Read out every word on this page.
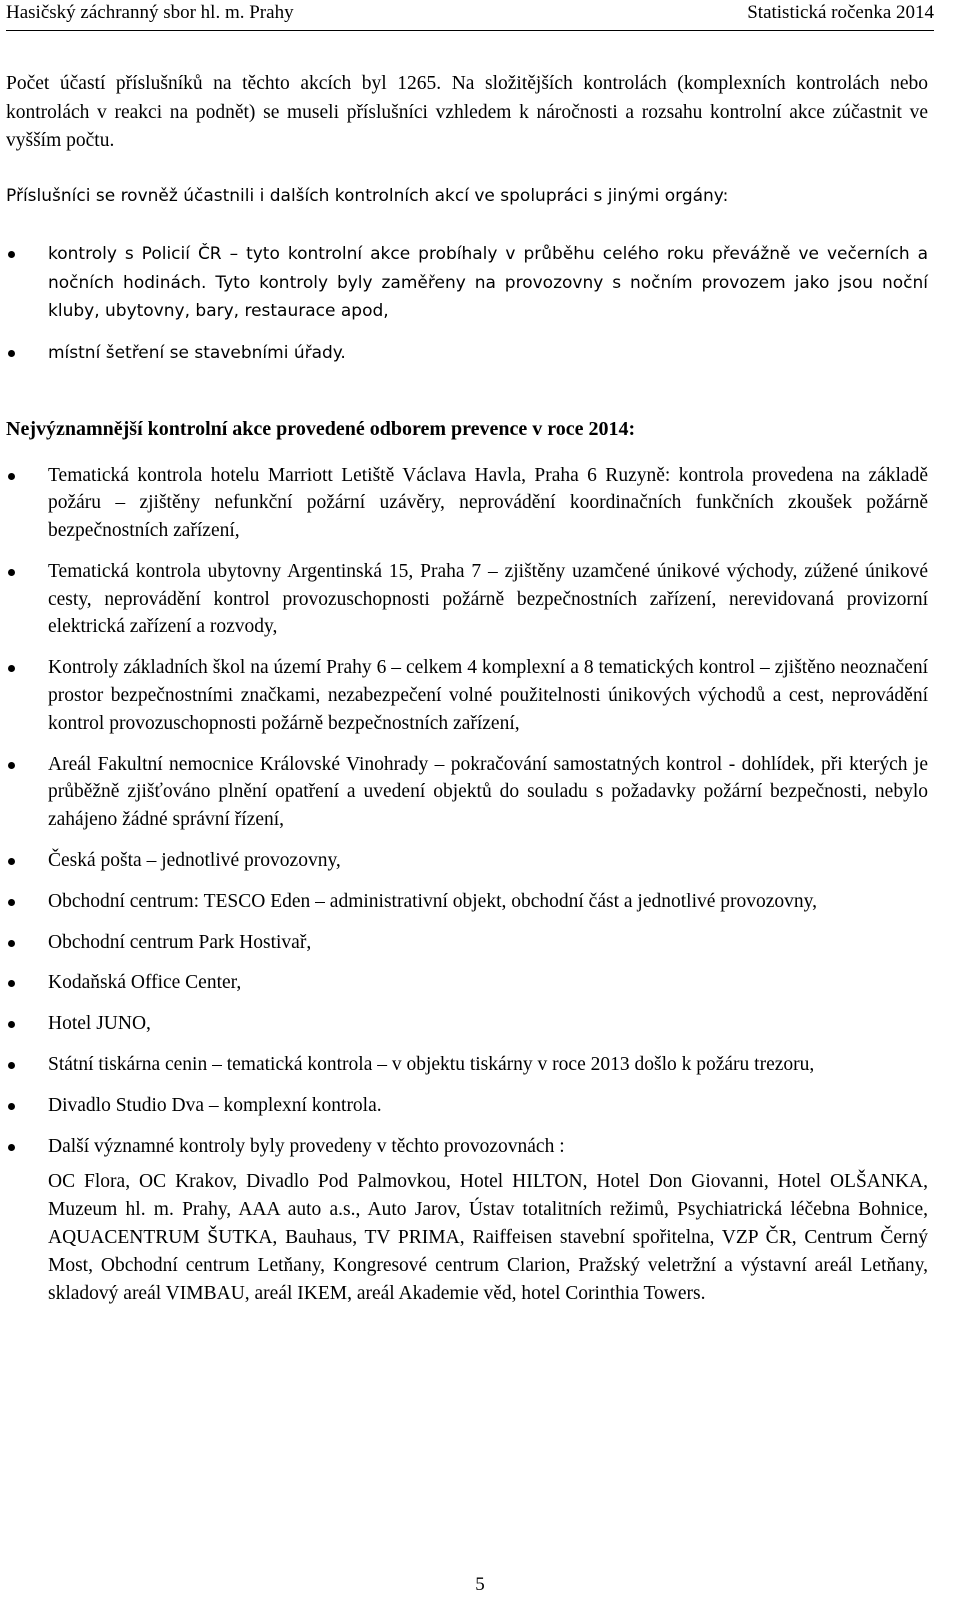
Hasičský záchranný sbor hl. m. Prahy	Statistická ročenka 2014

Počet účastí příslušníků na těchto akcích byl 1265. Na složitějších kontrolách (komplexních kontrolách nebo kontrolách v reakci na podnět) se museli příslušníci vzhledem k náročnosti a rozsahu kontrolní akce zúčastnit ve vyšším počtu.

Příslušníci se rovněž účastnili i dalších kontrolních akcí ve spolupráci s jinými orgány:

kontroly s Policií ČR – tyto kontrolní akce probíhaly v průběhu celého roku převážně ve večerních a nočních hodinách. Tyto kontroly byly zaměřeny na provozovny s nočním provozem jako jsou noční kluby, ubytovny, bary, restaurace apod,

místní šetření se stavebními úřady.

Nejvýznamnější kontrolní akce provedené odborem prevence v roce 2014:

Tematická kontrola hotelu Marriott Letiště Václava Havla, Praha 6 Ruzyně: kontrola provedena na základě požáru – zjištěny nefunkční požární uzávěry, neprovádění koordinačních funkčních zkoušek požárně bezpečnostních zařízení,

Tematická kontrola ubytovny Argentinská 15, Praha 7 – zjištěny uzamčené únikové východy, zúžené únikové cesty, neprovádění kontrol provozuschopnosti požárně bezpečnostních zařízení, nerevidovaná provizorní elektrická zařízení a rozvody,

Kontroly základních škol na území Prahy 6 – celkem 4 komplexní a 8 tematických kontrol – zjištěno neoznačení prostor bezpečnostními značkami, nezabezpečení volné použitelnosti únikových východů a cest, neprovádění kontrol provozuschopnosti požárně bezpečnostních zařízení,

Areál Fakultní nemocnice Královské Vinohrady – pokračování samostatných kontrol - dohlídek, při kterých je průběžně zjišťováno plnění opatření a uvedení objektů do souladu s požadavky požární bezpečnosti, nebylo zahájeno žádné správní řízení,

Česká pošta – jednotlivé provozovny,

Obchodní centrum: TESCO Eden – administrativní objekt, obchodní část a jednotlivé provozovny,

Obchodní centrum Park Hostivař,

Kodaňská Office Center,

Hotel JUNO,

Státní tiskárna cenin – tematická kontrola – v objektu tiskárny v roce 2013 došlo k požáru trezoru,

Divadlo Studio Dva – komplexní kontrola.

Další významné kontroly byly provedeny v těchto provozovnách :

OC Flora, OC Krakov, Divadlo Pod Palmovkou, Hotel HILTON, Hotel Don Giovanni, Hotel OLŠANKA, Muzeum hl. m. Prahy, AAA auto a.s., Auto Jarov, Ústav totalitních režimů, Psychiatrická léčebna Bohnice, AQUACENTRUM ŠUTKA, Bauhaus, TV PRIMA, Raiffeisen stavební spořitelna, VZP ČR, Centrum Černý Most, Obchodní centrum Letňany, Kongresové centrum Clarion, Pražský veletržní a výstavní areál Letňany, skladový areál VIMBAU, areál IKEM, areál Akademie věd, hotel Corinthia Towers.

5
